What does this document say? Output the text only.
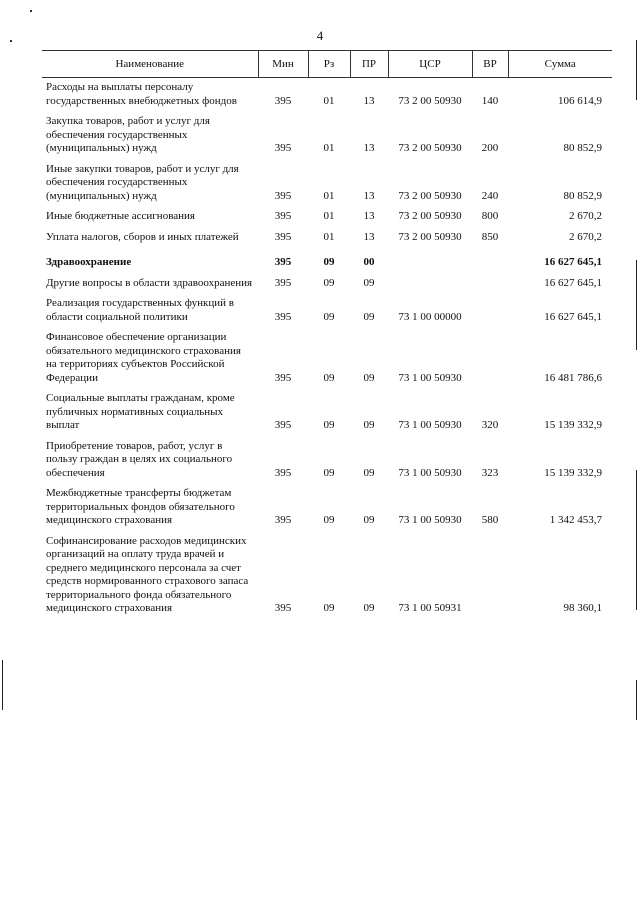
4
Наименование	Мин	Рз	ПР	ЦСР	ВР	Сумма
Расходы на выплаты персоналу государственных внебюджетных фондов	395	01	13	73 2 00 50930	140	106 614,9
Закупка товаров, работ и услуг для обеспечения государственных (муниципальных) нужд	395	01	13	73 2 00 50930	200	80 852,9
Иные закупки товаров, работ и услуг для обеспечения государственных (муниципальных) нужд	395	01	13	73 2 00 50930	240	80 852,9
Иные бюджетные ассигнования	395	01	13	73 2 00 50930	800	2 670,2
Уплата налогов, сборов и иных платежей	395	01	13	73 2 00 50930	850	2 670,2
Здравоохранение	395	09	00			16 627 645,1
Другие вопросы в области здравоохранения	395	09	09			16 627 645,1
Реализация государственных функций в области социальной политики	395	09	09	73 1 00 00000		16 627 645,1
Финансовое обеспечение организации обязательного медицинского страхования на территориях субъектов Российской Федерации	395	09	09	73 1 00 50930		16 481 786,6
Социальные выплаты гражданам, кроме публичных нормативных социальных выплат	395	09	09	73 1 00 50930	320	15 139 332,9
Приобретение товаров, работ, услуг в пользу граждан в целях их социального обеспечения	395	09	09	73 1 00 50930	323	15 139 332,9
Межбюджетные трансферты бюджетам территориальных фондов обязательного медицинского страхования	395	09	09	73 1 00 50930	580	1 342 453,7
Софинансирование расходов медицинских организаций на оплату труда врачей и среднего медицинского персонала за счет средств нормированного страхового запаса территориального фонда обязательного медицинского страхования	395	09	09	73 1 00 50931		98 360,1
